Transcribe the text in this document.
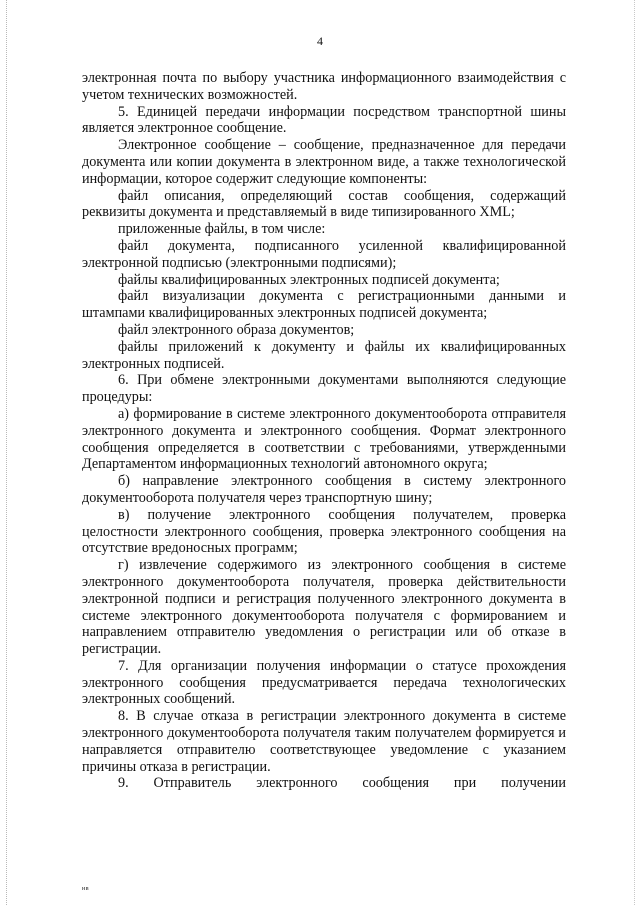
4

электронная почта по выбору участника информационного взаимодействия с учетом технических возможностей.

5. Единицей передачи информации посредством транспортной шины является электронное сообщение.

Электронное сообщение – сообщение, предназначенное для передачи документа или копии документа в электронном виде, а также технологической информации, которое содержит следующие компоненты:

файл описания, определяющий состав сообщения, содержащий реквизиты документа и представляемый в виде типизированного XML;

приложенные файлы, в том числе:

файл документа, подписанного усиленной квалифицированной электронной подписью (электронными подписями);

файлы квалифицированных электронных подписей документа;

файл визуализации документа с регистрационными данными и штампами квалифицированных электронных подписей документа;

файл электронного образа документов;

файлы приложений к документу и файлы их квалифицированных электронных подписей.

6. При обмене электронными документами выполняются следующие процедуры:

а) формирование в системе электронного документооборота отправителя электронного документа и электронного сообщения. Формат электронного сообщения определяется в соответствии с требованиями, утвержденными Департаментом информационных технологий автономного округа;

б) направление электронного сообщения в систему электронного документооборота получателя через транспортную шину;

в) получение электронного сообщения получателем, проверка целостности электронного сообщения, проверка электронного сообщения на отсутствие вредоносных программ;

г) извлечение содержимого из электронного сообщения в системе электронного документооборота получателя, проверка действительности электронной подписи и регистрация полученного электронного документа в системе электронного документооборота получателя с формированием и направлением отправителю уведомления о регистрации или об отказе в регистрации.

7. Для организации получения информации о статусе прохождения электронного сообщения предусматривается передача технологических электронных сообщений.

8. В случае отказа в регистрации электронного документа в системе электронного документооборота получателя таким получателем формируется и направляется отправителю соответствующее уведомление с указанием причины отказа в регистрации.

9. Отправитель электронного сообщения при получении

нв
